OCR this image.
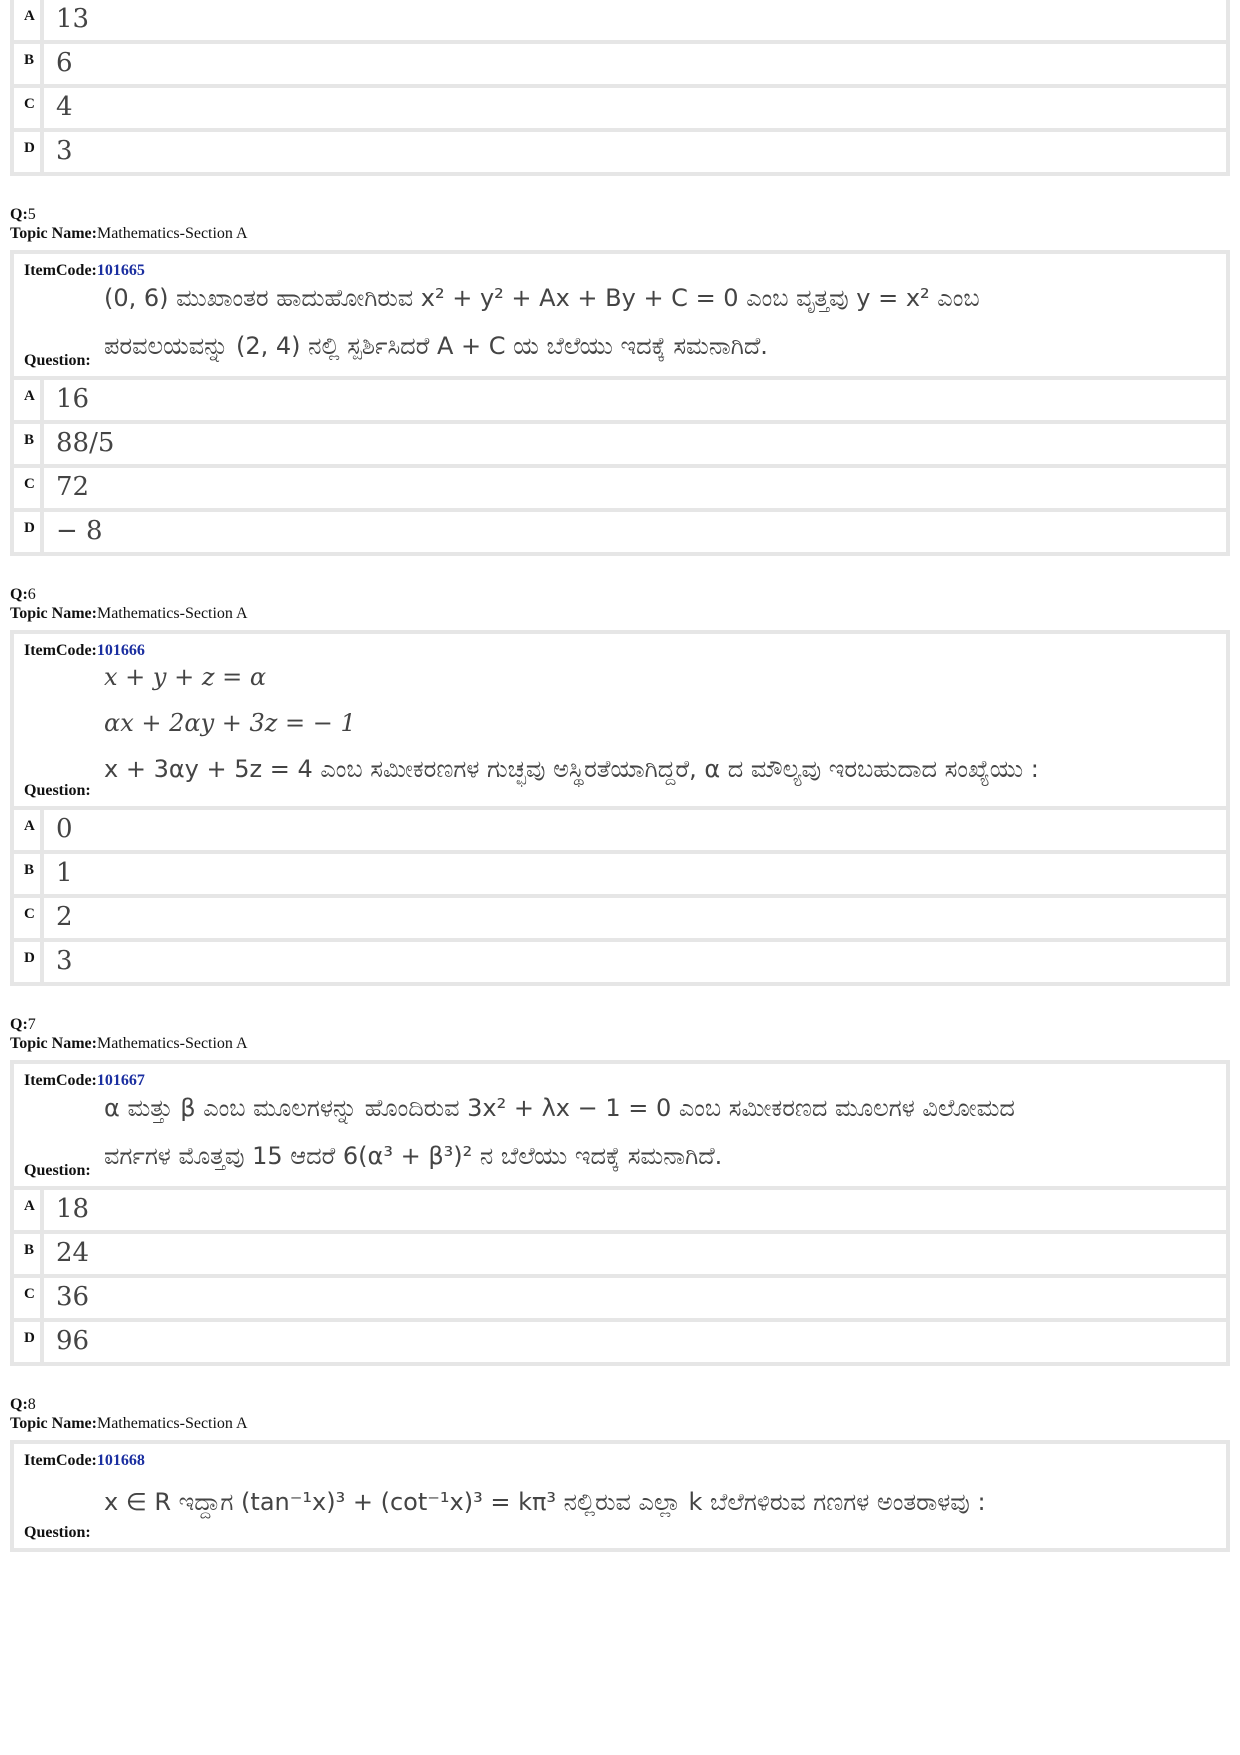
A 13
B 6
C 4
D 3
Q:5
Topic Name:Mathematics-Section A
ItemCode:101665
(0, 6) ಮುಖಾಂತರ ಹಾದುಹೋಗಿರುವ x² + y² + Ax + By + C = 0 ಎಂಬ ವೃತ್ತವು y = x² ಎಂಬ
ಪರವಲಯವನ್ನು (2, 4) ನಲ್ಲಿ ಸ್ಪರ್ಶಿಸಿದರೆ A + C ಯ ಬೆಲೆಯು ಇದಕ್ಕೆ ಸಮನಾಗಿದೆ.
Question:
A 16
B 88/5
C 72
D − 8
Q:6
Topic Name:Mathematics-Section A
ItemCode:101666
x + y + z = α
αx + 2αy + 3z = − 1
x + 3αy + 5z = 4 ಎಂಬ ಸಮೀಕರಣಗಳ ಗುಚ್ಛವು ಅಸ್ಥಿರತೆಯಾಗಿದ್ದರೆ, α ದ ಮೌಲ್ಯವು ಇರಬಹುದಾದ ಸಂಖ್ಯೆಯು :
Question:
A 0
B 1
C 2
D 3
Q:7
Topic Name:Mathematics-Section A
ItemCode:101667
α ಮತ್ತು β ಎಂಬ ಮೂಲಗಳನ್ನು ಹೊಂದಿರುವ 3x² + λx − 1 = 0 ಎಂಬ ಸಮೀಕರಣದ ಮೂಲಗಳ ವಿಲೋಮದ
ವರ್ಗಗಳ ಮೊತ್ತವು 15 ಆದರೆ 6(α³ + β³)² ನ ಬೆಲೆಯು ಇದಕ್ಕೆ ಸಮನಾಗಿದೆ.
Question:
A 18
B 24
C 36
D 96
Q:8
Topic Name:Mathematics-Section A
ItemCode:101668
x ∈ R ಇದ್ದಾಗ (tan⁻¹x)³ + (cot⁻¹x)³ = kπ³ ನಲ್ಲಿರುವ ಎಲ್ಲಾ k ಬೆಲೆಗಳಿರುವ ಗಣಗಳ ಅಂತರಾಳವು :
Question:
